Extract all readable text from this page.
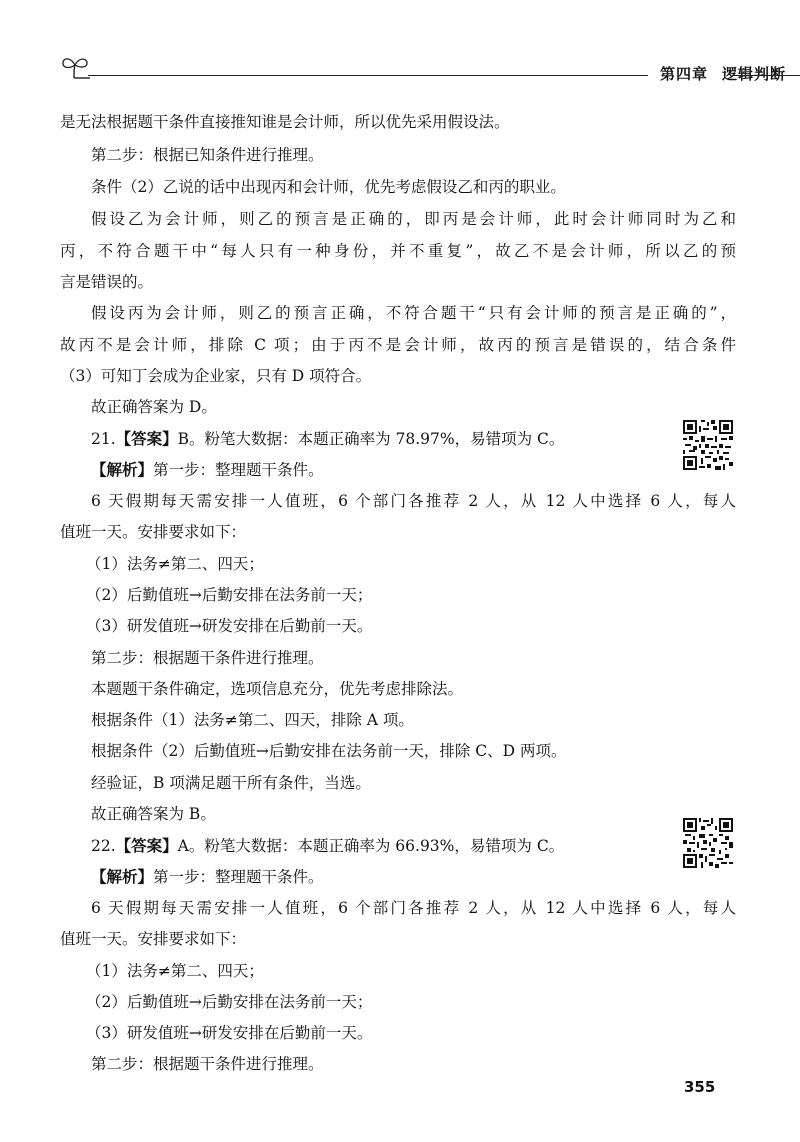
第四章 逻辑判断
是无法根据题干条件直接推知谁是会计师，所以优先采用假设法。
第二步：根据已知条件进行推理。
条件（2）乙说的话中出现丙和会计师，优先考虑假设乙和丙的职业。
假设乙为会计师，则乙的预言是正确的，即丙是会计师，此时会计师同时为乙和
丙，不符合题干中“每人只有一种身份，并不重复”，故乙不是会计师，所以乙的预
言是错误的。
假设丙为会计师，则乙的预言正确，不符合题干“只有会计师的预言是正确的”，
故丙不是会计师，排除 C 项；由于丙不是会计师，故丙的预言是错误的，结合条件
（3）可知丁会成为企业家，只有 D 项符合。
故正确答案为 D。
21.【答案】B。粉笔大数据：本题正确率为 78.97%，易错项为 C。
【解析】第一步：整理题干条件。
6 天假期每天需安排一人值班，6 个部门各推荐 2 人，从 12 人中选择 6 人，每人
值班一天。安排要求如下：
（1）法务≠第二、四天；
（2）后勤值班→后勤安排在法务前一天；
（3）研发值班→研发安排在后勤前一天。
第二步：根据题干条件进行推理。
本题题干条件确定，选项信息充分，优先考虑排除法。
根据条件（1）法务≠第二、四天，排除 A 项。
根据条件（2）后勤值班→后勤安排在法务前一天，排除 C、D 两项。
经验证，B 项满足题干所有条件，当选。
故正确答案为 B。
22.【答案】A。粉笔大数据：本题正确率为 66.93%，易错项为 C。
【解析】第一步：整理题干条件。
6 天假期每天需安排一人值班，6 个部门各推荐 2 人，从 12 人中选择 6 人，每人
值班一天。安排要求如下：
（1）法务≠第二、四天；
（2）后勤值班→后勤安排在法务前一天；
（3）研发值班→研发安排在后勤前一天。
第二步：根据题干条件进行推理。
355
